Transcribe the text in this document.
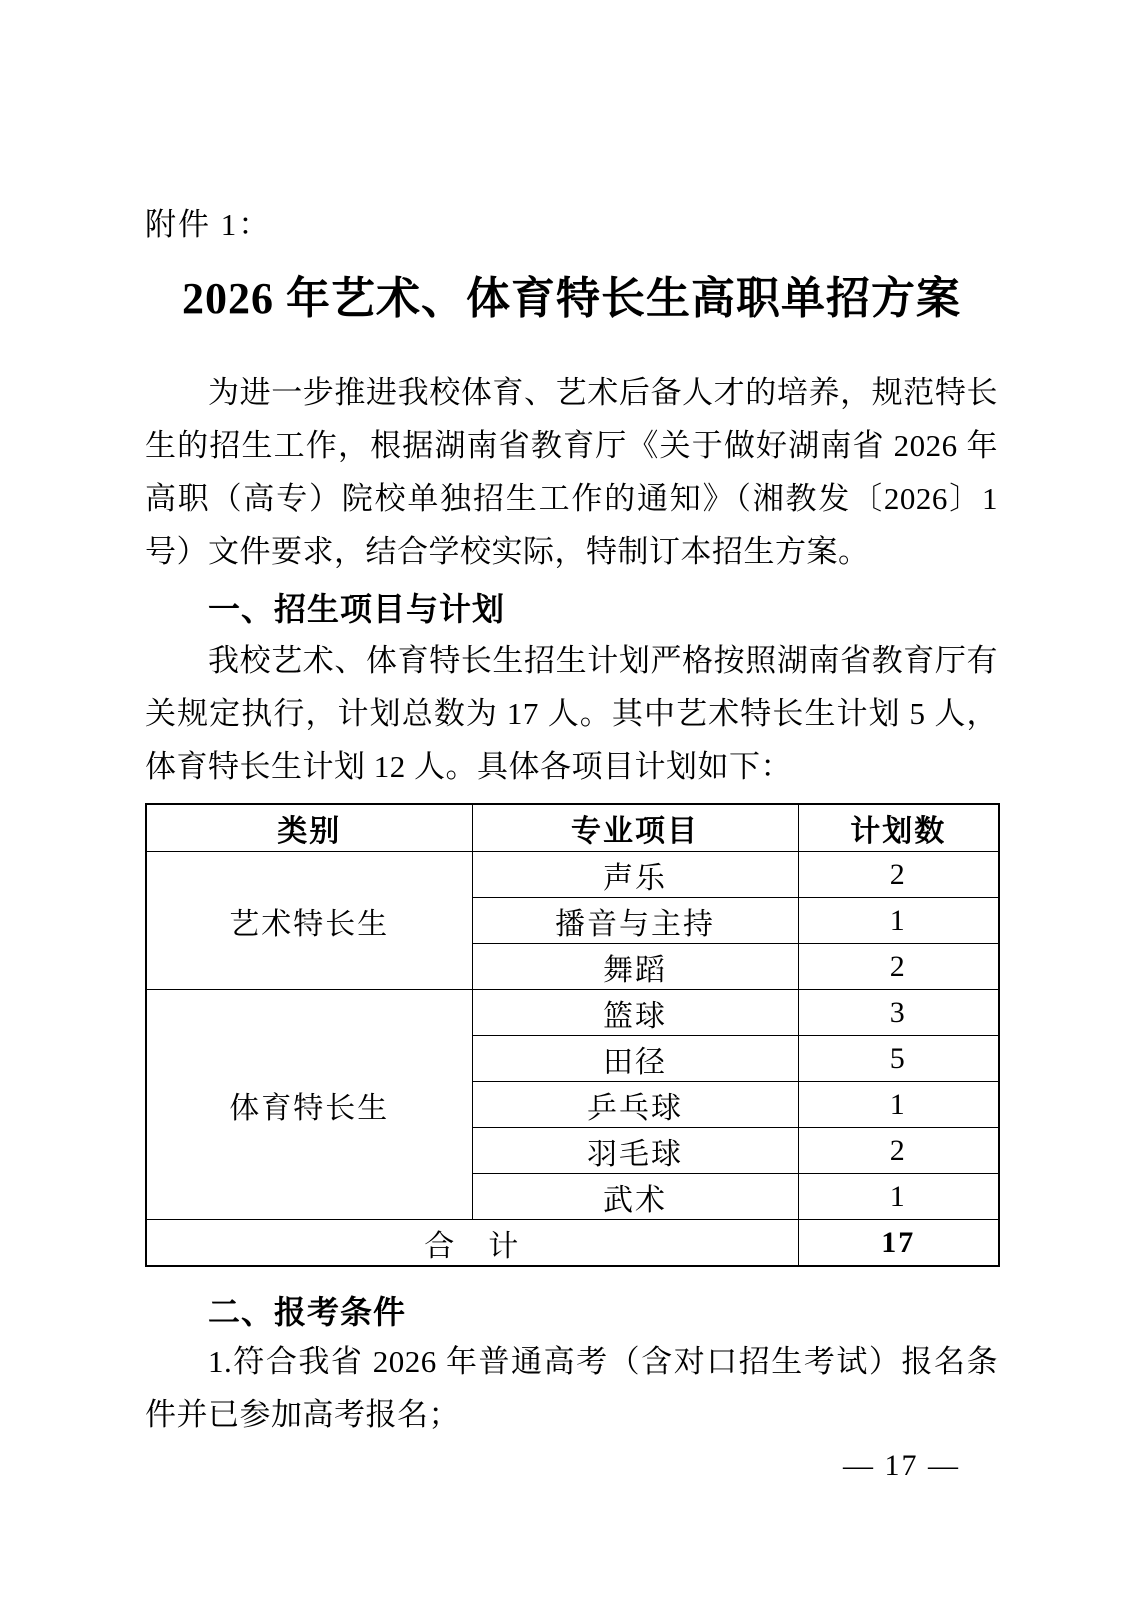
附件 1：
2026 年艺术、体育特长生高职单招方案
为进一步推进我校体育、艺术后备人才的培养，规范特长生的招生工作，根据湖南省教育厅《关于做好湖南省 2026 年高职（高专）院校单独招生工作的通知》（湘教发〔2026〕1 号）文件要求，结合学校实际，特制订本招生方案。
一、招生项目与计划
我校艺术、体育特长生招生计划严格按照湖南省教育厅有关规定执行，计划总数为 17 人。其中艺术特长生计划 5 人，体育特长生计划 12 人。具体各项目计划如下：
类别	专业项目	计划数
艺术特长生	声乐	2
	播音与主持	1
	舞蹈	2
体育特长生	篮球	3
	田径	5
	乒乓球	1
	羽毛球	2
	武术	1
合　计		17
二、报考条件
1.符合我省 2026 年普通高考（含对口招生考试）报名条件并已参加高考报名；
— 17 —
